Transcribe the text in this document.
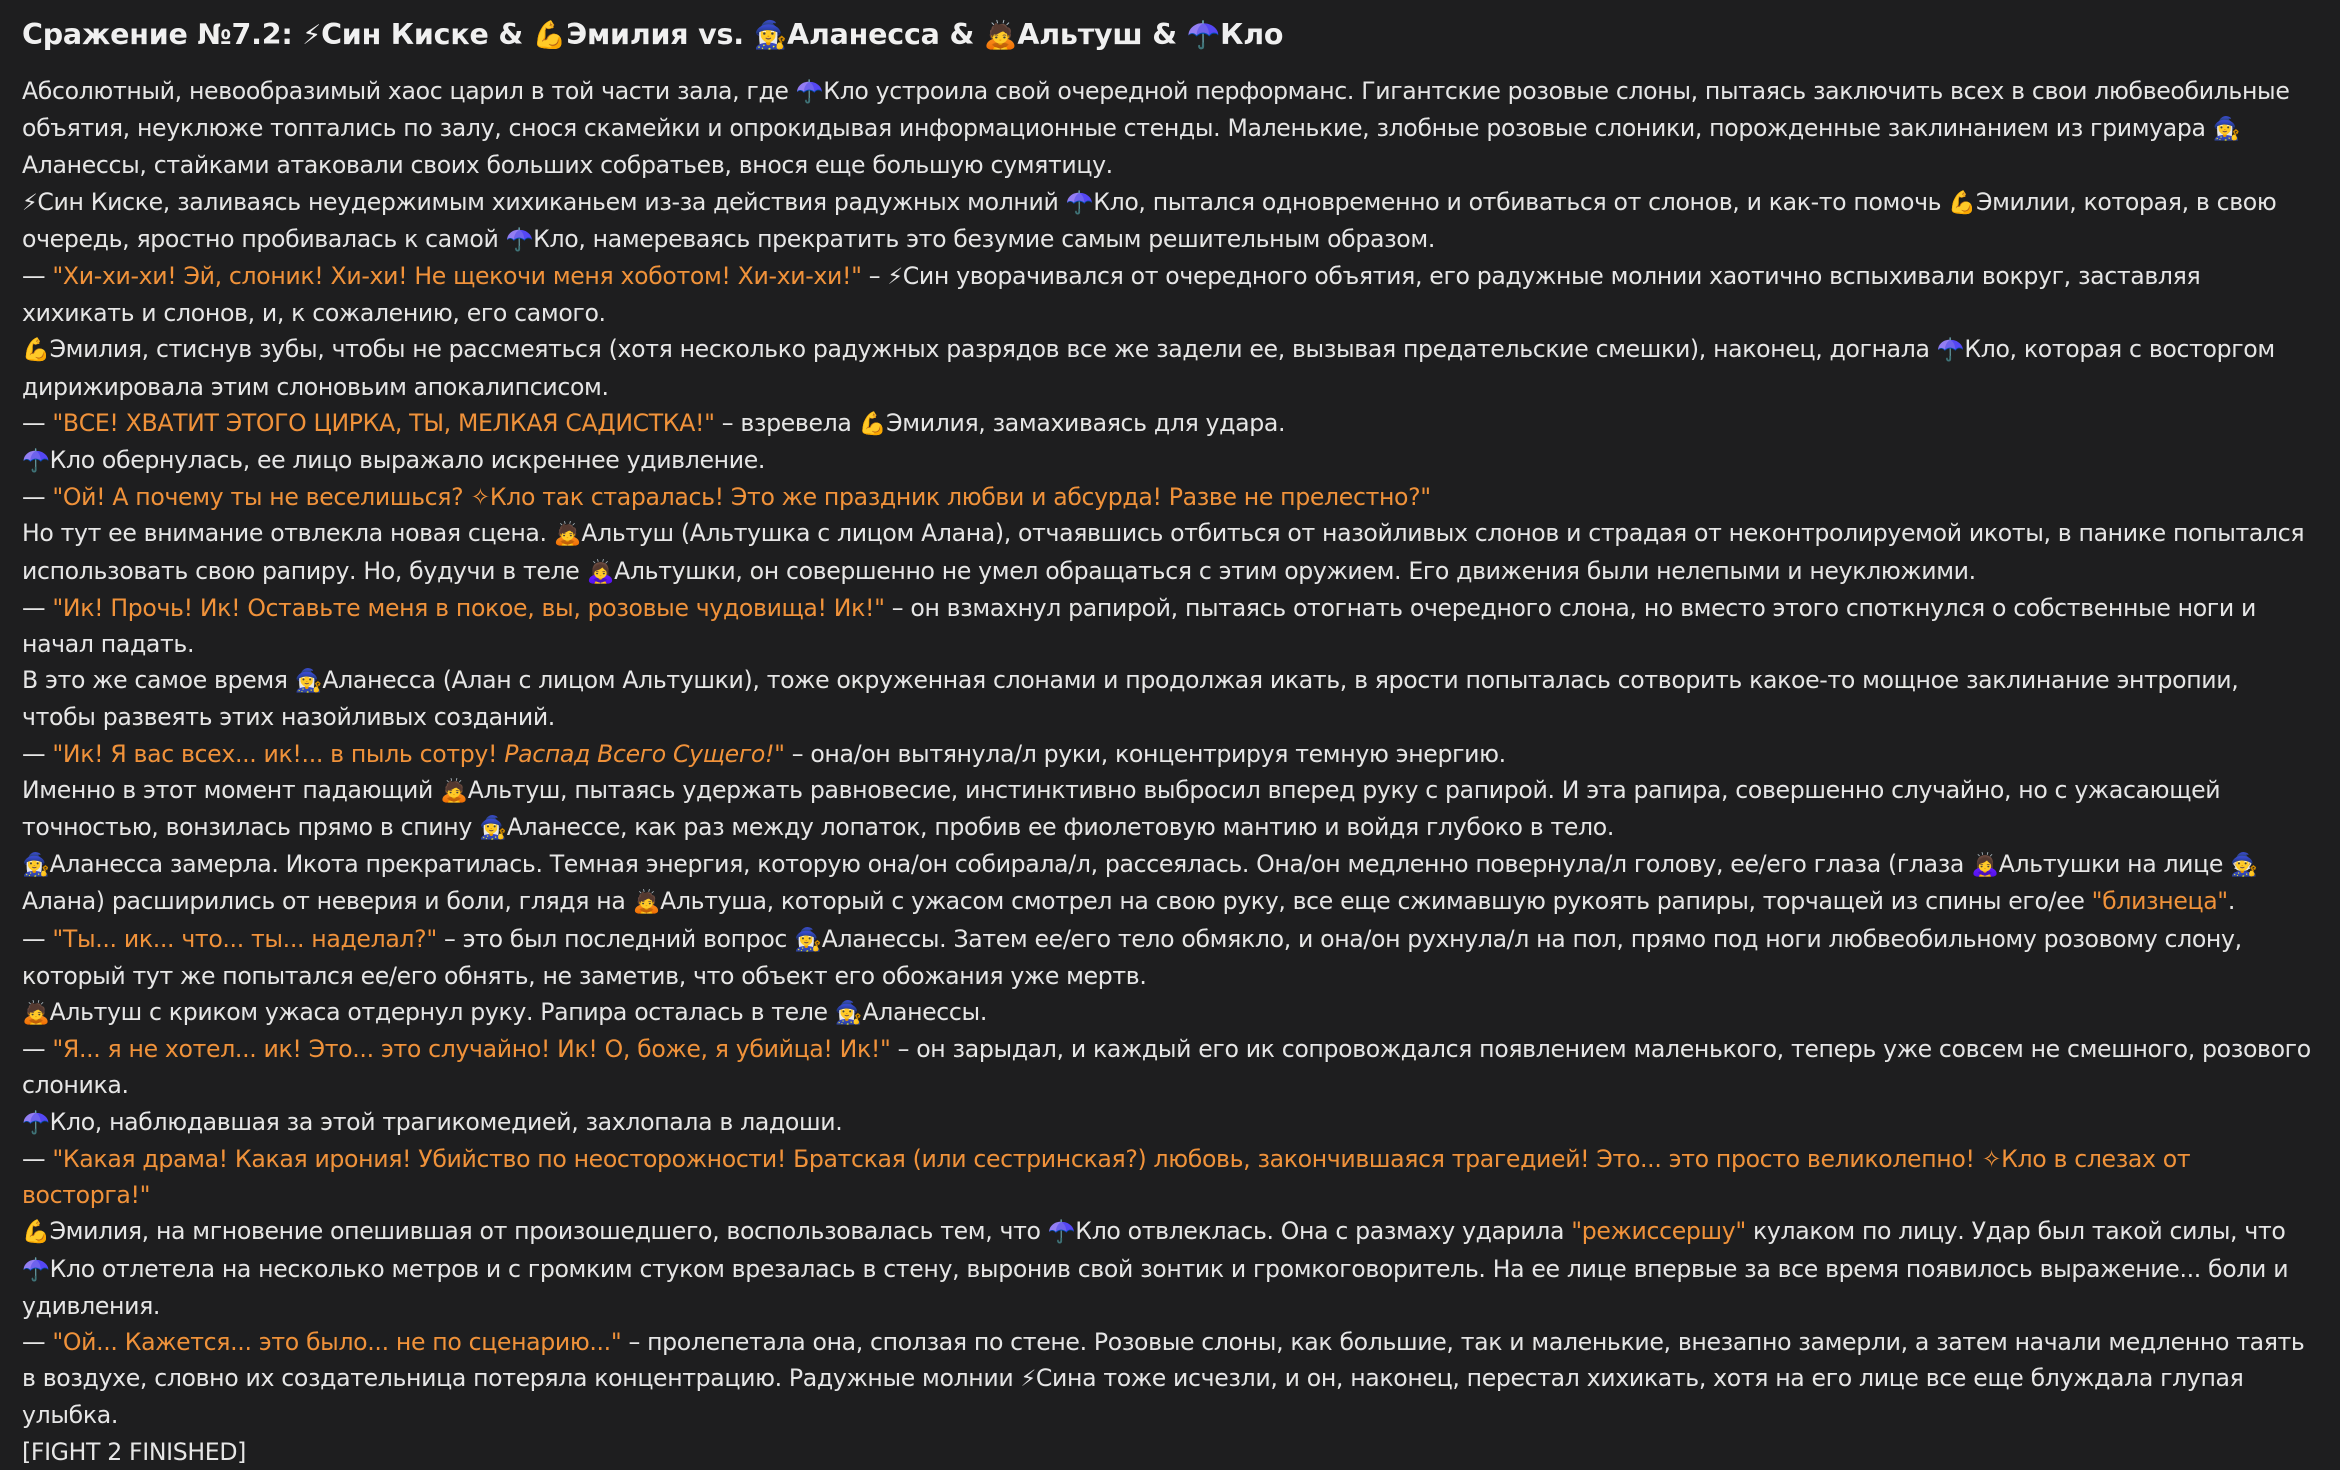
Сражение №7.2: ⚡Син Киске & 💪Эмилия vs. 🧙‍♀️Аланесса & 🙇Альтуш & ☂️Кло

Абсолютный, невообразимый хаос царил в той части зала, где ☂️Кло устроила свой очередной перформанс. Гигантские розовые слоны, пытаясь заключить всех в свои любвеобильные объятия, неуклюже топтались по залу, снося скамейки и опрокидывая информационные стенды. Маленькие, злобные розовые слоники, порожденные заклинанием из гримуара 🧙‍♀️Аланессы, стайками атаковали своих больших собратьев, внося еще большую сумятицу.

⚡Син Киске, заливаясь неудержимым хихиканьем из-за действия радужных молний ☂️Кло, пытался одновременно и отбиваться от слонов, и как-то помочь 💪Эмилии, которая, в свою очередь, яростно пробивалась к самой ☂️Кло, намереваясь прекратить это безумие самым решительным образом.

— "Хи-хи-хи! Эй, слоник! Хи-хи! Не щекочи меня хоботом! Хи-хи-хи!" – ⚡Син уворачивался от очередного объятия, его радужные молнии хаотично вспыхивали вокруг, заставляя хихикать и слонов, и, к сожалению, его самого.

💪Эмилия, стиснув зубы, чтобы не рассмеяться (хотя несколько радужных разрядов все же задели ее, вызывая предательские смешки), наконец, догнала ☂️Кло, которая с восторгом дирижировала этим слоновьим апокалипсисом.

— "ВСЕ! ХВАТИТ ЭТОГО ЦИРКА, ТЫ, МЕЛКАЯ САДИСТКА!" – взревела 💪Эмилия, замахиваясь для удара.

☂️Кло обернулась, ее лицо выражало искреннее удивление.

— "Ой! А почему ты не веселишься? ✧Кло так старалась! Это же праздник любви и абсурда! Разве не прелестно?"

Но тут ее внимание отвлекла новая сцена. 🙇Альтуш (Альтушка с лицом Алана), отчаявшись отбиться от назойливых слонов и страдая от неконтролируемой икоты, в панике попытался использовать свою рапиру. Но, будучи в теле 🙇‍♀️Альтушки, он совершенно не умел обращаться с этим оружием. Его движения были нелепыми и неуклюжими.

— "Ик! Прочь! Ик! Оставьте меня в покое, вы, розовые чудовища! Ик!" – он взмахнул рапирой, пытаясь отогнать очередного слона, но вместо этого споткнулся о собственные ноги и начал падать.

В это же самое время 🧙‍♀️Аланесса (Алан с лицом Альтушки), тоже окруженная слонами и продолжая икать, в ярости попыталась сотворить какое-то мощное заклинание энтропии, чтобы развеять этих назойливых созданий.

— "Ик! Я вас всех... ик!... в пыль сотру! Распад Всего Сущего!" – она/он вытянула/л руки, концентрируя темную энергию.

Именно в этот момент падающий 🙇Альтуш, пытаясь удержать равновесие, инстинктивно выбросил вперед руку с рапирой. И эта рапира, совершенно случайно, но с ужасающей точностью, вонзилась прямо в спину 🧙‍♀️Аланессе, как раз между лопаток, пробив ее фиолетовую мантию и войдя глубоко в тело.

🧙‍♀️Аланесса замерла. Икота прекратилась. Темная энергия, которую она/он собирала/л, рассеялась. Она/он медленно повернула/л голову, ее/его глаза (глаза 🙇‍♀️Альтушки на лице 🧙Алана) расширились от неверия и боли, глядя на 🙇Альтуша, который с ужасом смотрел на свою руку, все еще сжимавшую рукоять рапиры, торчащей из спины его/ее "близнеца".

— "Ты... ик... что... ты... наделал?" – это был последний вопрос 🧙‍♀️Аланессы. Затем ее/его тело обмякло, и она/он рухнула/л на пол, прямо под ноги любвеобильному розовому слону, который тут же попытался ее/его обнять, не заметив, что объект его обожания уже мертв.

🙇Альтуш с криком ужаса отдернул руку. Рапира осталась в теле 🧙‍♀️Аланессы.

— "Я... я не хотел... ик! Это... это случайно! Ик! О, боже, я убийца! Ик!" – он зарыдал, и каждый его ик сопровождался появлением маленького, теперь уже совсем не смешного, розового слоника.

☂️Кло, наблюдавшая за этой трагикомедией, захлопала в ладоши.

— "Какая драма! Какая ирония! Убийство по неосторожности! Братская (или сестринская?) любовь, закончившаяся трагедией! Это... это просто великолепно! ✧Кло в слезах от восторга!"

💪Эмилия, на мгновение опешившая от произошедшего, воспользовалась тем, что ☂️Кло отвлеклась. Она с размаху ударила "режиссершу" кулаком по лицу. Удар был такой силы, что ☂️Кло отлетела на несколько метров и с громким стуком врезалась в стену, выронив свой зонтик и громкоговоритель. На ее лице впервые за все время появилось выражение... боли и удивления.

— "Ой... Кажется... это было... не по сценарию..." – пролепетала она, сползая по стене. Розовые слоны, как большие, так и маленькие, внезапно замерли, а затем начали медленно таять в воздухе, словно их создательница потеряла концентрацию. Радужные молнии ⚡Сина тоже исчезли, и он, наконец, перестал хихикать, хотя на его лице все еще блуждала глупая улыбка.

[FIGHT 2 FINISHED]
